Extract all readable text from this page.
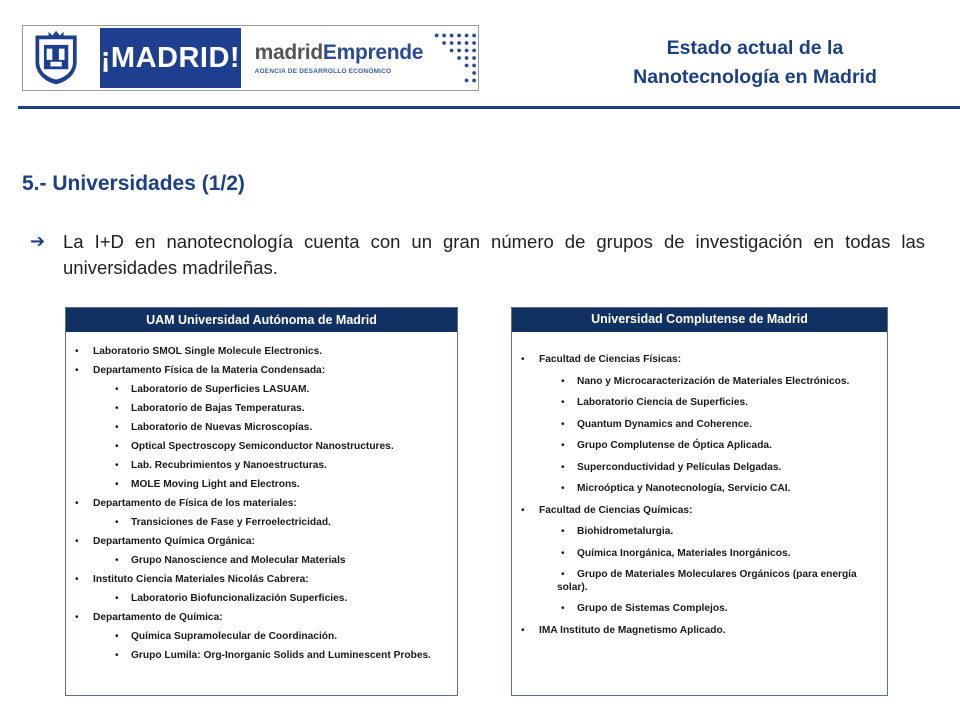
¡MADRID! madridEmprende
AGENCIA DE DESARROLLO ECONÓMICO
Estado actual de la
Nanotecnología en Madrid
5.- Universidades (1/2)
➔ La I+D en nanotecnología cuenta con un gran número de grupos de investigación en todas las universidades madrileñas.

UAM Universidad Autónoma de Madrid
• Laboratorio SMOL Single Molecule Electronics.
• Departamento Física de la Materia Condensada:
• Laboratorio de Superficies LASUAM.
• Laboratorio de Bajas Temperaturas.
• Laboratorio de Nuevas Microscopías.
• Optical Spectroscopy Semiconductor Nanostructures.
• Lab. Recubrimientos y Nanoestructuras.
• MOLE Moving Light and Electrons.
• Departamento de Física de los materiales:
• Transiciones de Fase y Ferroelectricidad.
• Departamento Química Orgánica:
• Grupo Nanoscience and Molecular Materials
• Instituto Ciencia Materiales Nicolás Cabrera:
• Laboratorio Biofuncionalización Superficies.
• Departamento de Química:
• Química Supramolecular de Coordinación.
• Grupo Lumila: Org-Inorganic Solids and Luminescent Probes.
Universidad Complutense de Madrid
• Facultad de Ciencias Físicas:
• Nano y Microcaracterización de Materiales Electrónicos.
• Laboratorio Ciencia de Superficies.
• Quantum Dynamics and Coherence.
• Grupo Complutense de Óptica Aplicada.
• Superconductividad y Películas Delgadas.
• Microóptica y Nanotecnología, Servicio CAI.
• Facultad de Ciencias Químicas:
• Biohidrometalurgia.
• Química Inorgánica, Materiales Inorgánicos.
• Grupo de Materiales Moleculares Orgánicos (para energía solar).
• Grupo de Sistemas Complejos.
• IMA Instituto de Magnetismo Aplicado.
